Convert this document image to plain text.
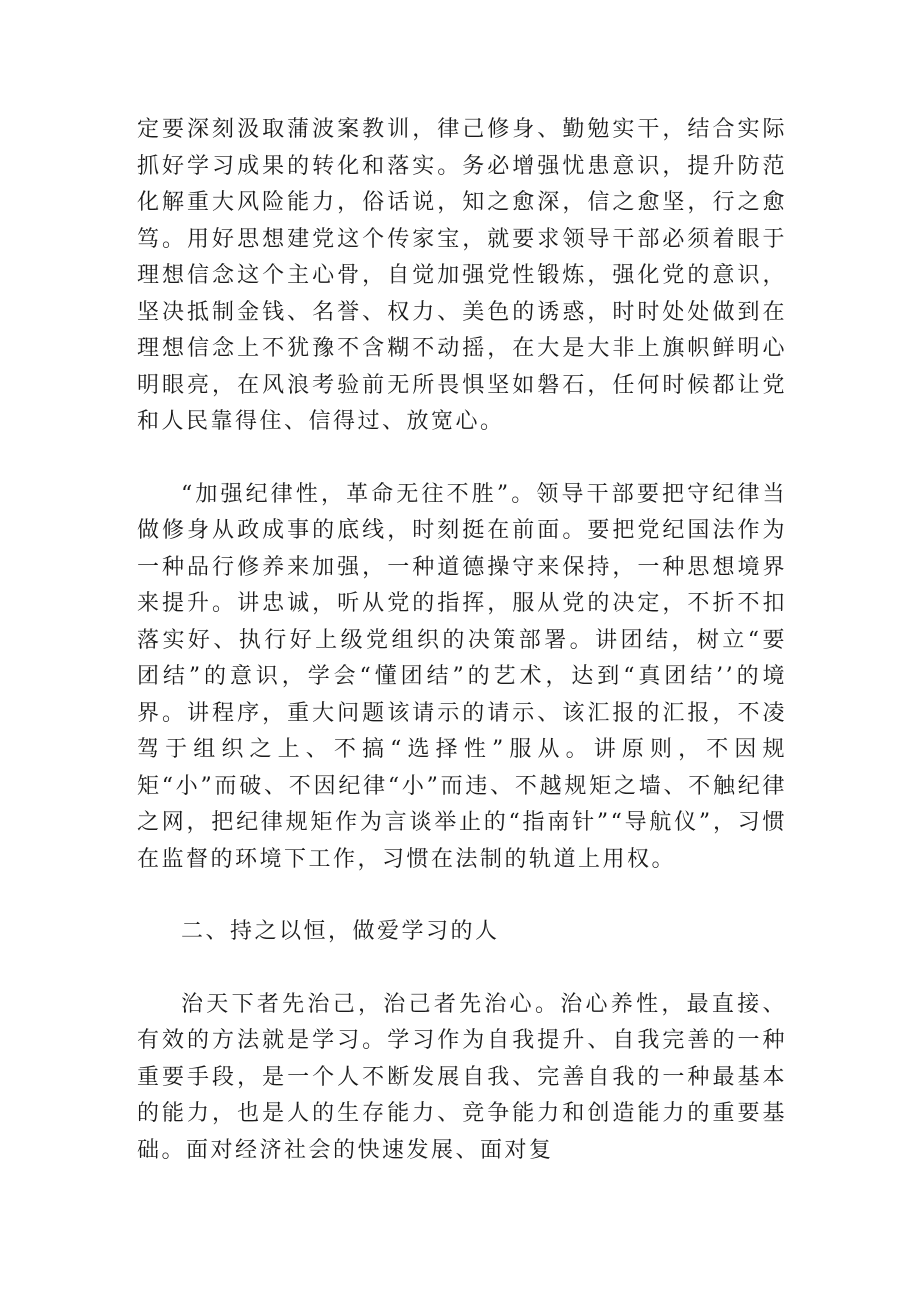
定要深刻汲取蒲波案教训，律己修身、勤勉实干，结合实际抓好学习成果的转化和落实。务必增强忧患意识，提升防范化解重大风险能力，俗话说，知之愈深，信之愈坚，行之愈笃。用好思想建党这个传家宝，就要求领导干部必须着眼于理想信念这个主心骨，自觉加强党性锻炼，强化党的意识，坚决抵制金钱、名誉、权力、美色的诱惑，时时处处做到在理想信念上不犹豫不含糊不动摇，在大是大非上旗帜鲜明心明眼亮，在风浪考验前无所畏惧坚如磐石，任何时候都让党和人民靠得住、信得过、放宽心。

“加强纪律性，革命无往不胜”。领导干部要把守纪律当做修身从政成事的底线，时刻挺在前面。要把党纪国法作为一种品行修养来加强，一种道德操守来保持，一种思想境界来提升。讲忠诚，听从党的指挥，服从党的决定，不折不扣落实好、执行好上级党组织的决策部署。讲团结，树立“要团结”的意识，学会“懂团结”的艺术，达到“真团结’’的境界。讲程序，重大问题该请示的请示、该汇报的汇报，不凌驾于组织之上、不搞“选择性”服从。讲原则，不因规矩“小”而破、不因纪律“小”而违、不越规矩之墙、不触纪律之网，把纪律规矩作为言谈举止的“指南针”“导航仪”，习惯在监督的环境下工作，习惯在法制的轨道上用权。

二、持之以恒，做爱学习的人

治天下者先治己，治己者先治心。治心养性，最直接、有效的方法就是学习。学习作为自我提升、自我完善的一种重要手段，是一个人不断发展自我、完善自我的一种最基本的能力，也是人的生存能力、竞争能力和创造能力的重要基础。面对经济社会的快速发展、面对复
